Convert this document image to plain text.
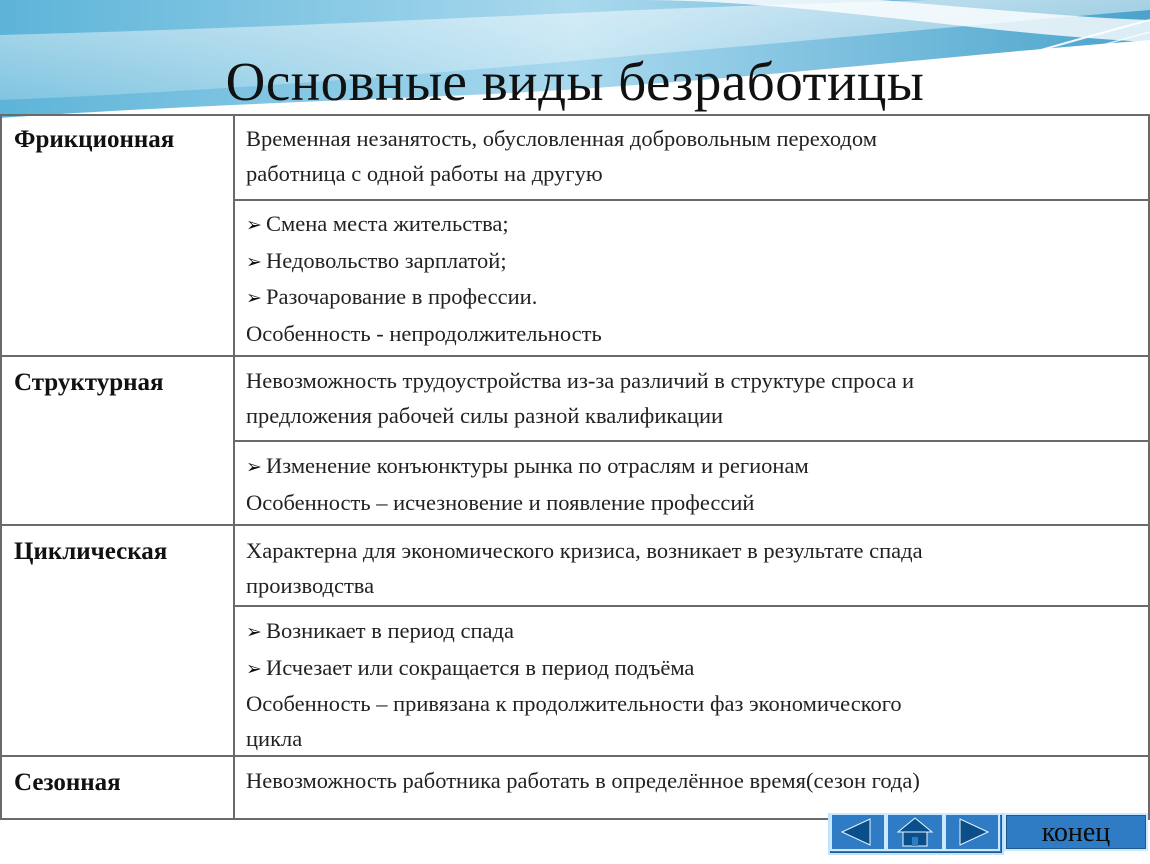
Основные виды безработицы
Фрикционная	Временная незанятость, обусловленная добровольным переходом
работница с одной работы на другую
➢ Смена места жительства;
➢ Недовольство зарплатой;
➢ Разочарование в профессии.
Особенность - непродолжительность
Структурная	Невозможность трудоустройства из-за различий в структуре спроса и
предложения рабочей силы разной квалификации
➢ Изменение конъюнктуры рынка по отраслям и регионам
Особенность – исчезновение и появление профессий
Циклическая	Характерна для экономического кризиса, возникает в результате спада
производства
➢ Возникает в период спада
➢ Исчезает или сокращается в период подъёма
Особенность – привязана к продолжительности фаз экономического
цикла
Сезонная	Невозможность работника работать в определённое время(сезон года)
конец
